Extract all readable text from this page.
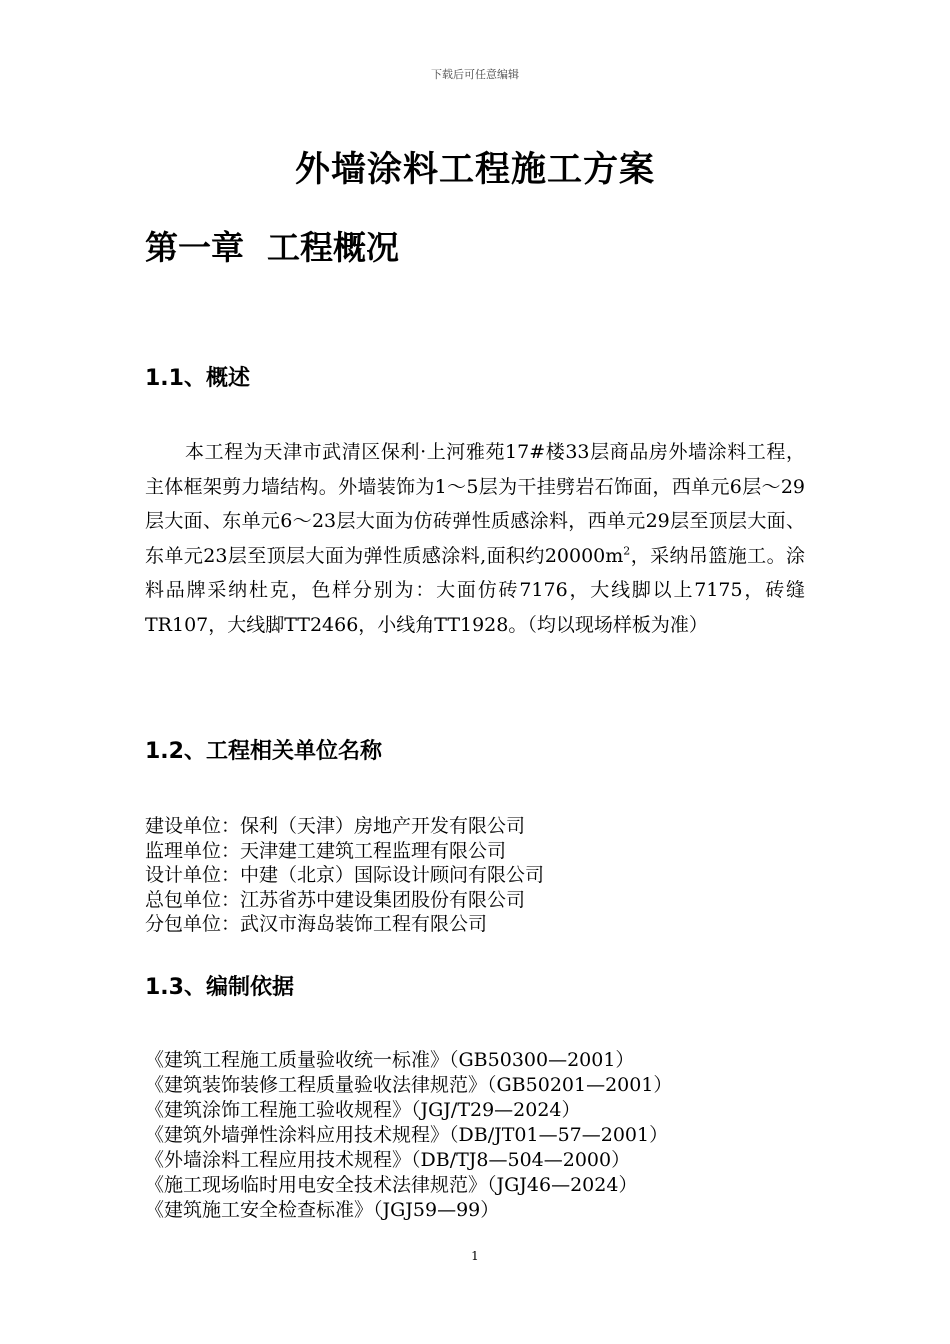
下载后可任意编辑
外墙涂料工程施工方案
第一章  工程概况
1.1、概述
本工程为天津市武清区保利·上河雅苑17#楼33层商品房外墙涂料工程，主体框架剪力墙结构。外墙装饰为1～5层为干挂劈岩石饰面，西单元6层～29层大面、东单元6～23层大面为仿砖弹性质感涂料，西单元29层至顶层大面、东单元23层至顶层大面为弹性质感涂料,面积约$20000m^2$，采纳吊篮施工。涂料品牌采纳杜克，色样分别为：大面仿砖7176，大线脚以上7175，砖缝TR107，大线脚TT2466，小线角TT1928。（均以现场样板为准）
1.2、工程相关单位名称
建设单位：保利（天津）房地产开发有限公司
监理单位：天津建工建筑工程监理有限公司
设计单位：中建（北京）国际设计顾问有限公司
总包单位：江苏省苏中建设集团股份有限公司
分包单位：武汉市海岛装饰工程有限公司
1.3、编制依据
《建筑工程施工质量验收统一标准》（GB50300—2001）
《建筑装饰装修工程质量验收法律规范》（GB50201—2001）
《建筑涂饰工程施工验收规程》（JGJ/T29—2024）
《建筑外墙弹性涂料应用技术规程》（DB/JT01—57—2001）
《外墙涂料工程应用技术规程》（DB/TJ8—504—2000）
《施工现场临时用电安全技术法律规范》（JGJ46—2024）
《建筑施工安全检查标准》（JGJ59—99）
1
